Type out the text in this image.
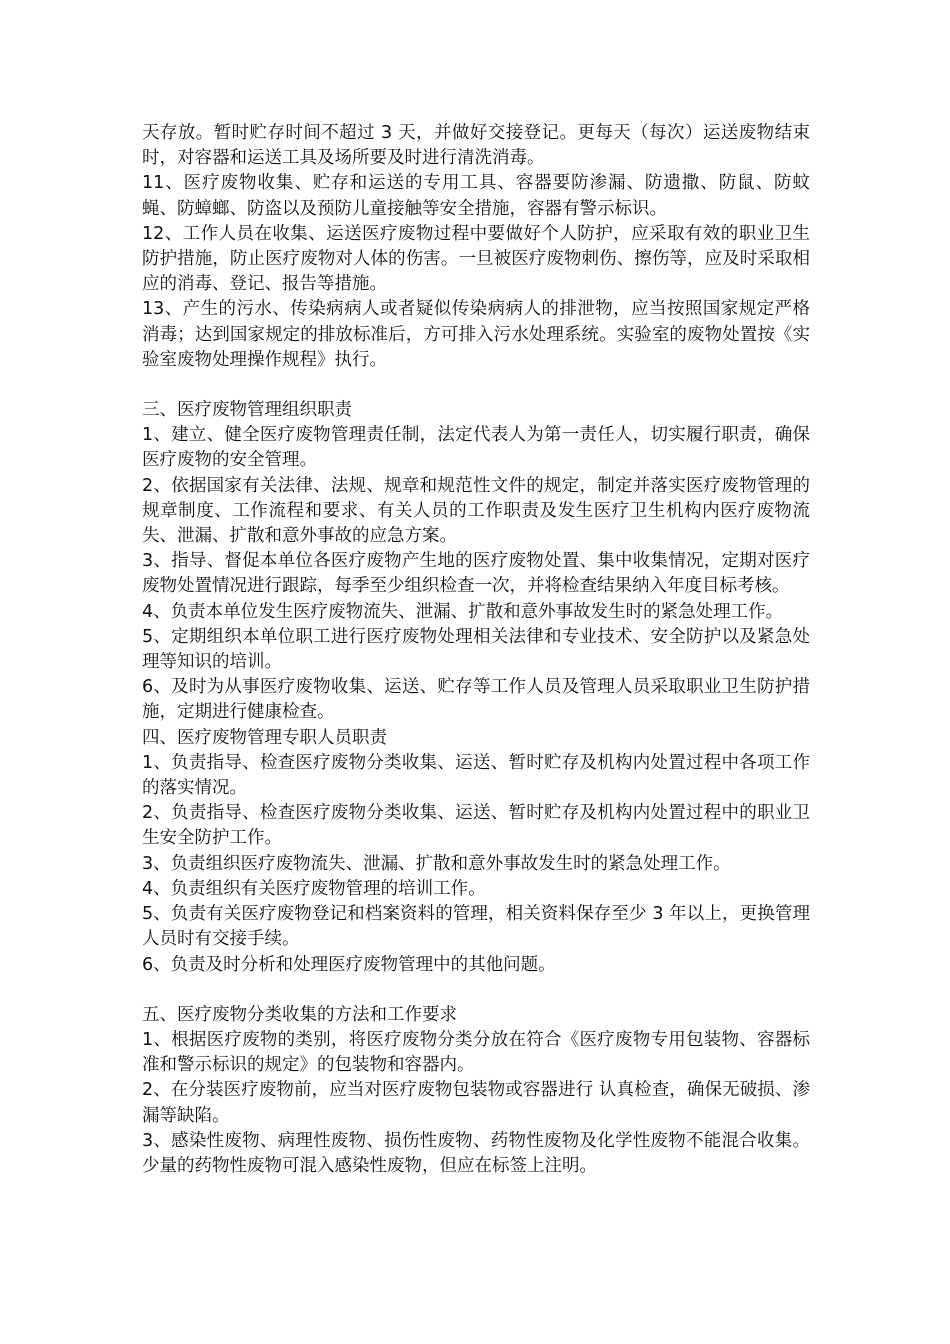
天存放。暂时贮存时间不超过 3 天，并做好交接登记。更每天（每次）运送废物结束时，对容器和运送工具及场所要及时进行清洗消毒。

11、医疗废物收集、贮存和运送的专用工具、容器要防渗漏、防遗撒、防鼠、防蚊蝇、防蟑螂、防盗以及预防儿童接触等安全措施，容器有警示标识。

12、工作人员在收集、运送医疗废物过程中要做好个人防护，应采取有效的职业卫生防护措施，防止医疗废物对人体的伤害。一旦被医疗废物刺伤、擦伤等，应及时采取相应的消毒、登记、报告等措施。

13、产生的污水、传染病病人或者疑似传染病病人的排泄物，应当按照国家规定严格消毒；达到国家规定的排放标准后，方可排入污水处理系统。实验室的废物处置按《实验室废物处理操作规程》执行。

三、医疗废物管理组织职责

1、建立、健全医疗废物管理责任制，法定代表人为第一责任人，切实履行职责，确保医疗废物的安全管理。

2、依据国家有关法律、法规、规章和规范性文件的规定，制定并落实医疗废物管理的规章制度、工作流程和要求、有关人员的工作职责及发生医疗卫生机构内医疗废物流失、泄漏、扩散和意外事故的应急方案。

3、指导、督促本单位各医疗废物产生地的医疗废物处置、集中收集情况，定期对医疗废物处置情况进行跟踪，每季至少组织检查一次，并将检查结果纳入年度目标考核。

4、负责本单位发生医疗废物流失、泄漏、扩散和意外事故发生时的紧急处理工作。

5、定期组织本单位职工进行医疗废物处理相关法律和专业技术、安全防护以及紧急处理等知识的培训。

6、及时为从事医疗废物收集、运送、贮存等工作人员及管理人员采取职业卫生防护措施，定期进行健康检查。

四、医疗废物管理专职人员职责

1、负责指导、检查医疗废物分类收集、运送、暂时贮存及机构内处置过程中各项工作的落实情况。

2、负责指导、检查医疗废物分类收集、运送、暂时贮存及机构内处置过程中的职业卫生安全防护工作。

3、负责组织医疗废物流失、泄漏、扩散和意外事故发生时的紧急处理工作。

4、负责组织有关医疗废物管理的培训工作。

5、负责有关医疗废物登记和档案资料的管理，相关资料保存至少 3 年以上，更换管理人员时有交接手续。

6、负责及时分析和处理医疗废物管理中的其他问题。

五、医疗废物分类收集的方法和工作要求

1、根据医疗废物的类别，将医疗废物分类分放在符合《医疗废物专用包装物、容器标准和警示标识的规定》的包装物和容器内。

2、在分装医疗废物前，应当对医疗废物包装物或容器进行 认真检查，确保无破损、渗漏等缺陷。

3、感染性废物、病理性废物、损伤性废物、药物性废物及化学性废物不能混合收集。少量的药物性废物可混入感染性废物，但应在标签上注明。
